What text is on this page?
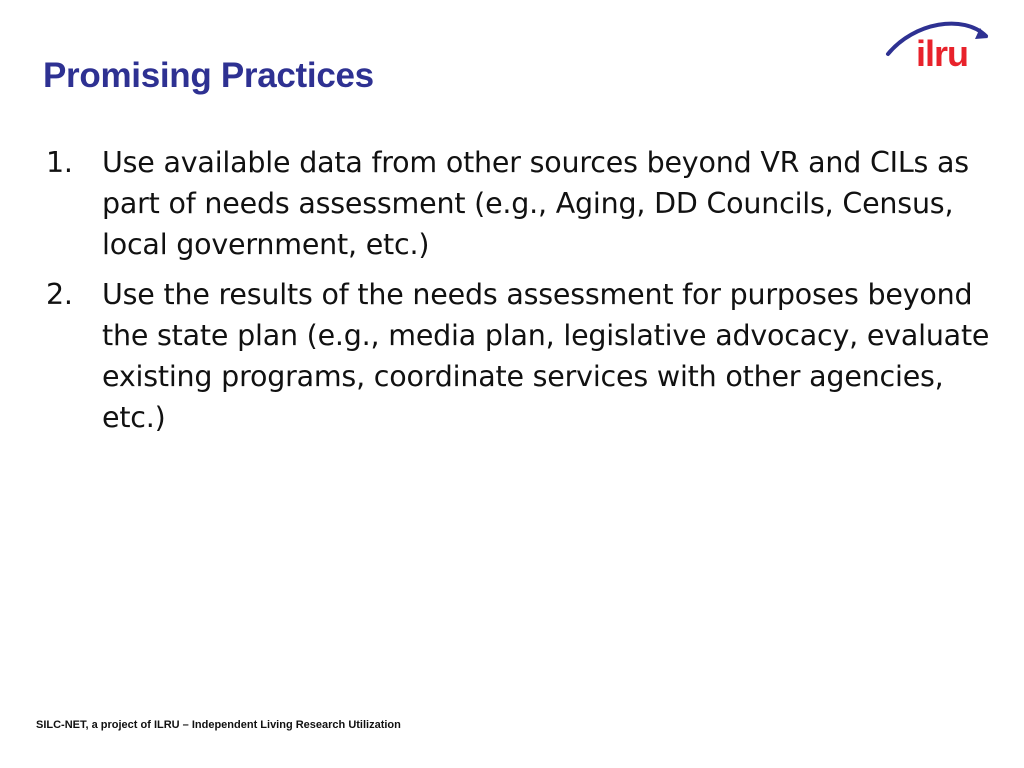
Promising Practices
ilru
1. Use available data from other sources beyond VR and CILs as part of needs assessment (e.g., Aging, DD Councils, Census, local government, etc.)
2. Use the results of the needs assessment for purposes beyond the state plan (e.g., media plan, legislative advocacy, evaluate existing programs, coordinate services with other agencies, etc.)
SILC-NET, a project of ILRU – Independent Living Research Utilization
